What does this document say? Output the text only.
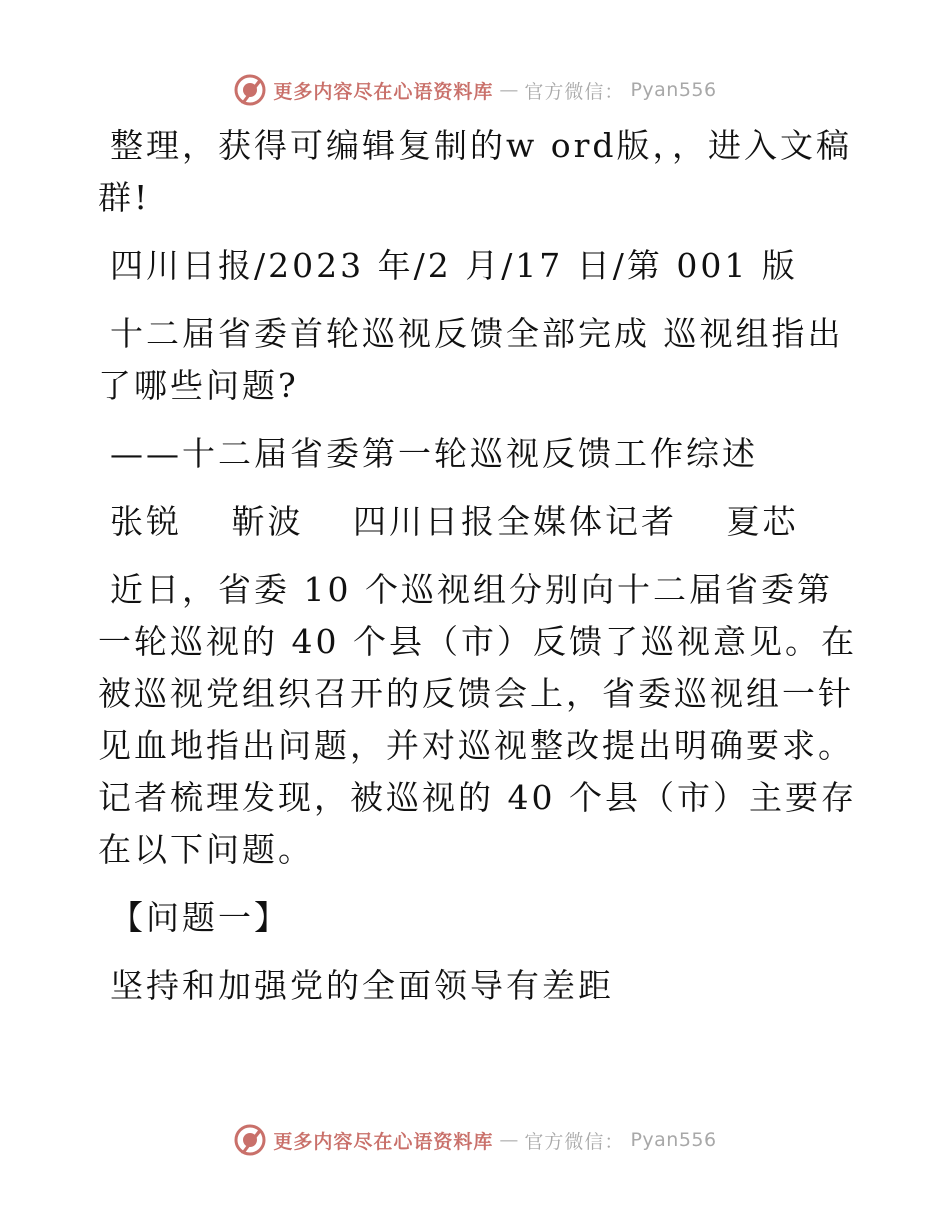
更多内容尽在心语资料库 — 官方微信： Pyan556

整理，获得可编辑复制的w ord版，，进入文稿群!

四川日报/2023 年/2 月/17 日/第 001 版

十二届省委首轮巡视反馈全部完成 巡视组指出了哪些问题?

——十二届省委第一轮巡视反馈工作综述

张锐　 靳波　 四川日报全媒体记者　 夏芯

近日，省委 10 个巡视组分别向十二届省委第一轮巡视的 40 个县（市）反馈了巡视意见。在被巡视党组织召开的反馈会上，省委巡视组一针见血地指出问题，并对巡视整改提出明确要求。记者梳理发现，被巡视的 40 个县（市）主要存在以下问题。

【问题一】

坚持和加强党的全面领导有差距

更多内容尽在心语资料库 — 官方微信： Pyan556
